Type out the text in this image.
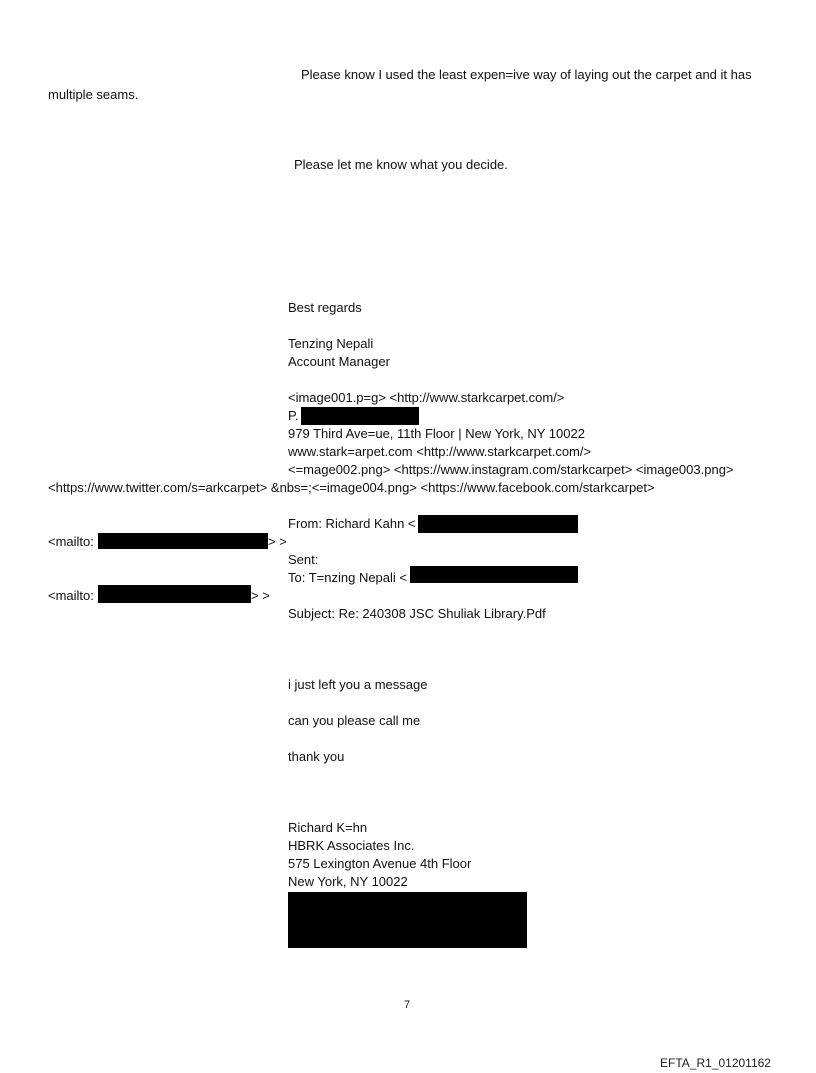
Please know I used the least expen=ive way of laying out the carpet and it has
multiple seams.
Please let me know what you decide.
Best regards
Tenzing Nepali
Account Manager
<image001.p=g> <http://www.starkcarpet.com/>
P.
979 Third Ave=ue, 11th Floor | New York, NY 10022
www.stark=arpet.com <http://www.starkcarpet.com/>
<=mage002.png> <https://www.instagram.com/starkcarpet> <image003.png>
<https://www.twitter.com/s=arkcarpet> &nbs=;<=image004.png> <https://www.facebook.com/starkcarpet>
From: Richard Kahn <
<mailto:	> >
Sent:
To: T=nzing Nepali <
<mailto:	> >
Subject: Re: 240308 JSC Shuliak Library.Pdf
i just left you a message
can you please call me
thank you
Richard K=hn
HBRK Associates Inc.
575 Lexington Avenue 4th Floor
New York, NY 10022
7
EFTA_R1_01201162
